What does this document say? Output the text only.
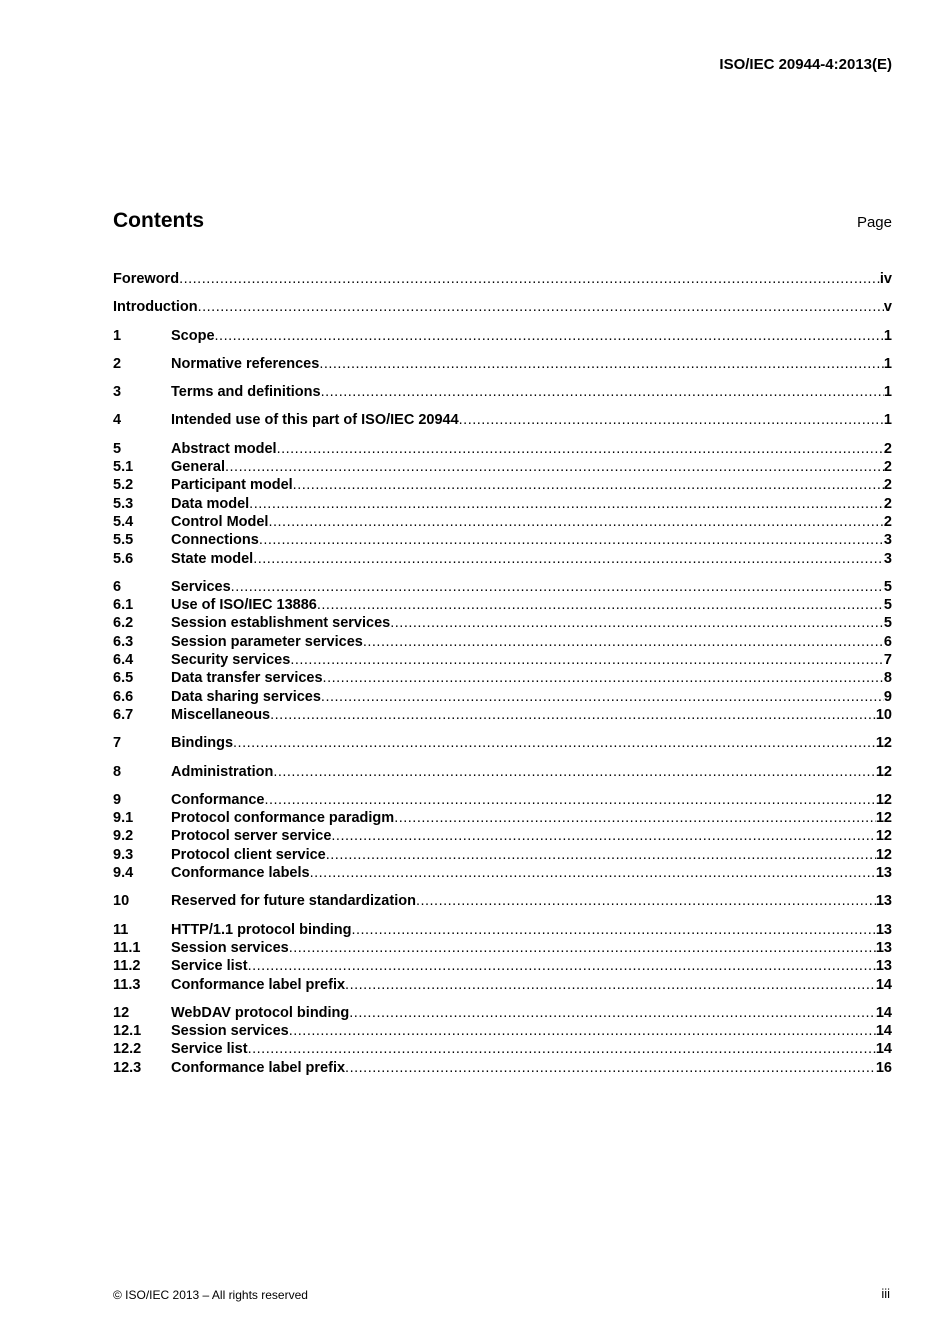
ISO/IEC 20944-4:2013(E)
Contents	Page
Foreword .....	iv
Introduction .....	v
1	Scope .....	1
2	Normative references .....	1
3	Terms and definitions .....	1
4	Intended use of this part of ISO/IEC 20944 .....	1
5	Abstract model .....	2
5.1	General .....	2
5.2	Participant model .....	2
5.3	Data model .....	2
5.4	Control Model .....	2
5.5	Connections .....	3
5.6	State model .....	3
6	Services .....	5
6.1	Use of ISO/IEC 13886 .....	5
6.2	Session establishment services .....	5
6.3	Session parameter services .....	6
6.4	Security services .....	7
6.5	Data transfer services .....	8
6.6	Data sharing services .....	9
6.7	Miscellaneous .....	10
7	Bindings .....	12
8	Administration .....	12
9	Conformance .....	12
9.1	Protocol conformance paradigm .....	12
9.2	Protocol server service .....	12
9.3	Protocol client service .....	12
9.4	Conformance labels .....	13
10	Reserved for future standardization .....	13
11	HTTP/1.1 protocol binding .....	13
11.1	Session services .....	13
11.2	Service list .....	13
11.3	Conformance label prefix .....	14
12	WebDAV protocol binding .....	14
12.1	Session services .....	14
12.2	Service list .....	14
12.3	Conformance label prefix .....	16
© ISO/IEC 2013 – All rights reserved	iii
